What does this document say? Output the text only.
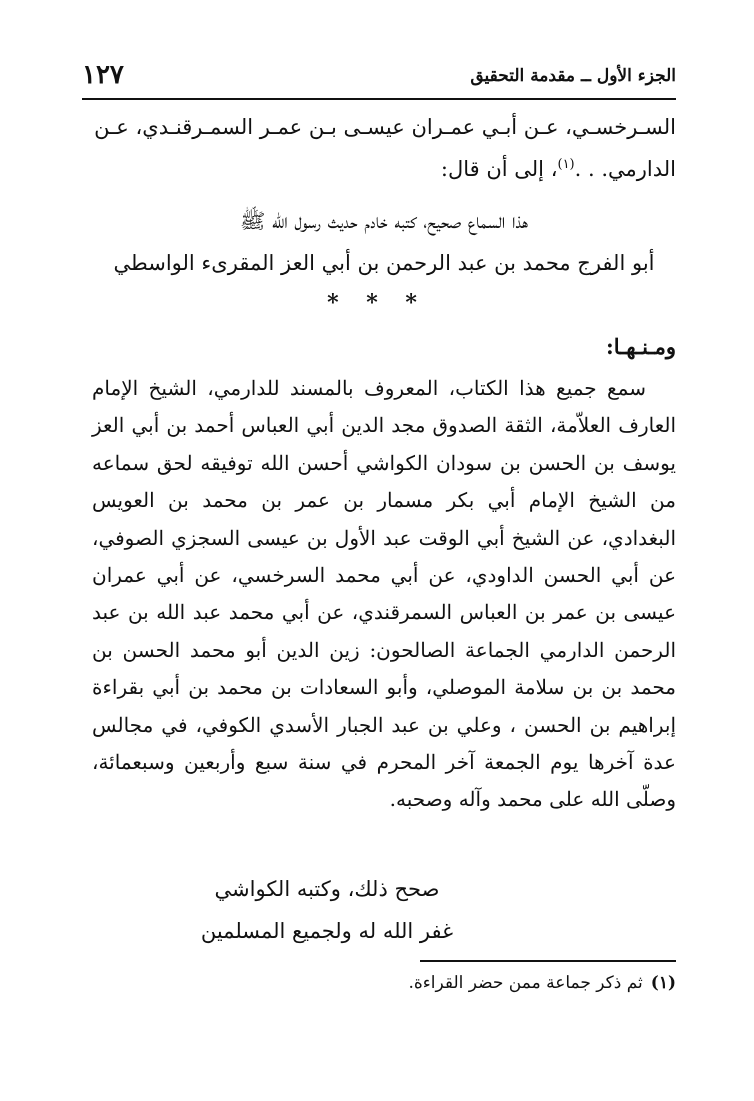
الجزء الأول ــ مقدمة التحقيق
١٢٧

السـرخسـي، عـن أبـي عمـران عيسـى بـن عمـر السمـرقنـدي، عـن

الدارمي. . .$^{(١)}$، إلى أن قال:

هذا السماع صحيح، كتبه خادم حديث رسول الله ﷺ
أبو الفرج محمد بن عبد الرحمن بن أبي العز المقرىء الواسطي
* * *
ومـنـهـا:

سمع جميع هذا الكتاب، المعروف بالمسند للدارمي، الشيخ الإمام العارف العلاّمة، الثقة الصدوق مجد الدين أبي العباس أحمد بن أبي العز يوسف بن الحسن بن سودان الكواشي أحسن الله توفيقه لحق سماعه من الشيخ الإمام أبي بكر مسمار بن عمر بن محمد بن العويس البغدادي، عن الشيخ أبي الوقت عبد الأول بن عيسى السجزي الصوفي، عن أبي الحسن الداودي، عن أبي محمد السرخسي، عن أبي عمران عيسى بن عمر بن العباس السمرقندي، عن أبي محمد عبد الله بن عبد الرحمن الدارمي الجماعة الصالحون: زين الدين أبو محمد الحسن بن محمد بن بن سلامة الموصلي، وأبو السعادات بن محمد بن أبي بقراءة إبراهيم بن الحسن ، وعلي بن عبد الجبار الأسدي الكوفي، في مجالس عدة آخرها يوم الجمعة آخر المحرم في سنة سبع وأربعين وسبعمائة، وصلّى الله على محمد وآله وصحبه.

صحح ذلك، وكتبه الكواشي
غفر الله له ولجميع المسلمين
(١)ثم ذكر جماعة ممن حضر القراءة.
